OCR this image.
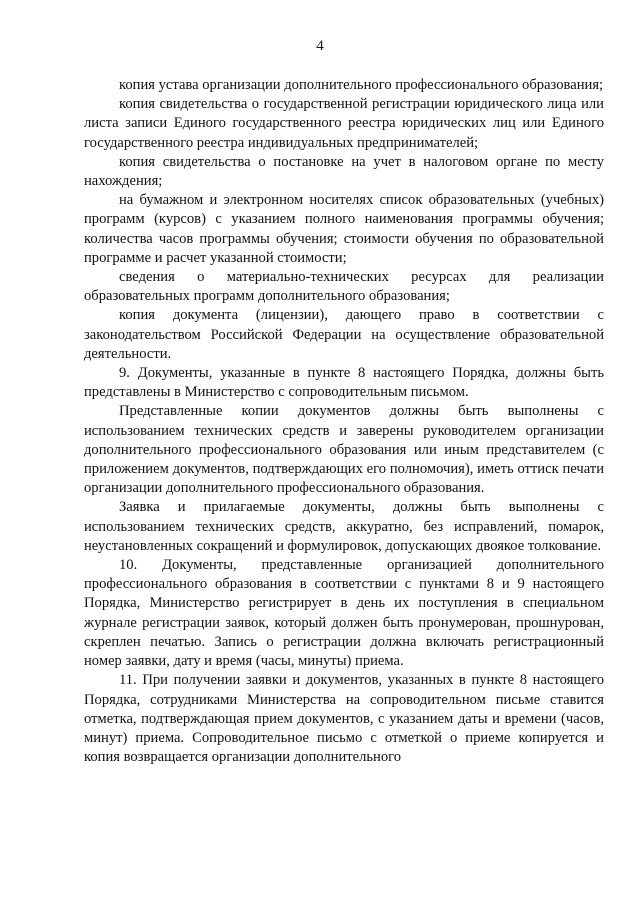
4

копия устава организации дополнительного профессионального образования;

копия свидетельства о государственной регистрации юридического лица или листа записи Единого государственного реестра юридических лиц или Единого государственного реестра индивидуальных предпринимателей;

копия свидетельства о постановке на учет в налоговом органе по месту нахождения;

на бумажном и электронном носителях список образовательных (учебных) программ (курсов) с указанием полного наименования программы обучения; количества часов программы обучения; стоимости обучения по образовательной программе и расчет указанной стоимости;

сведения о материально-технических ресурсах для реализации образовательных программ дополнительного образования;

копия документа (лицензии), дающего право в соответствии с законодательством Российской Федерации на осуществление образовательной деятельности.

9. Документы, указанные в пункте 8 настоящего Порядка, должны быть представлены в Министерство с сопроводительным письмом.

Представленные копии документов должны быть выполнены с использованием технических средств и заверены руководителем организации дополнительного профессионального образования или иным представителем (с приложением документов, подтверждающих его полномочия), иметь оттиск печати организации дополнительного профессионального образования.

Заявка и прилагаемые документы, должны быть выполнены с использованием технических средств, аккуратно, без исправлений, помарок, неустановленных сокращений и формулировок, допускающих двоякое толкование.

10. Документы, представленные организацией дополнительного профессионального образования в соответствии с пунктами 8 и 9 настоящего Порядка, Министерство регистрирует в день их поступления в специальном журнале регистрации заявок, который должен быть пронумерован, прошнурован, скреплен печатью. Запись о регистрации должна включать регистрационный номер заявки, дату и время (часы, минуты) приема.

11. При получении заявки и документов, указанных в пункте 8 настоящего Порядка, сотрудниками Министерства на сопроводительном письме ставится отметка, подтверждающая прием документов, с указанием даты и времени (часов, минут) приема. Сопроводительное письмо с отметкой о приеме копируется и копия возвращается организации дополнительного
